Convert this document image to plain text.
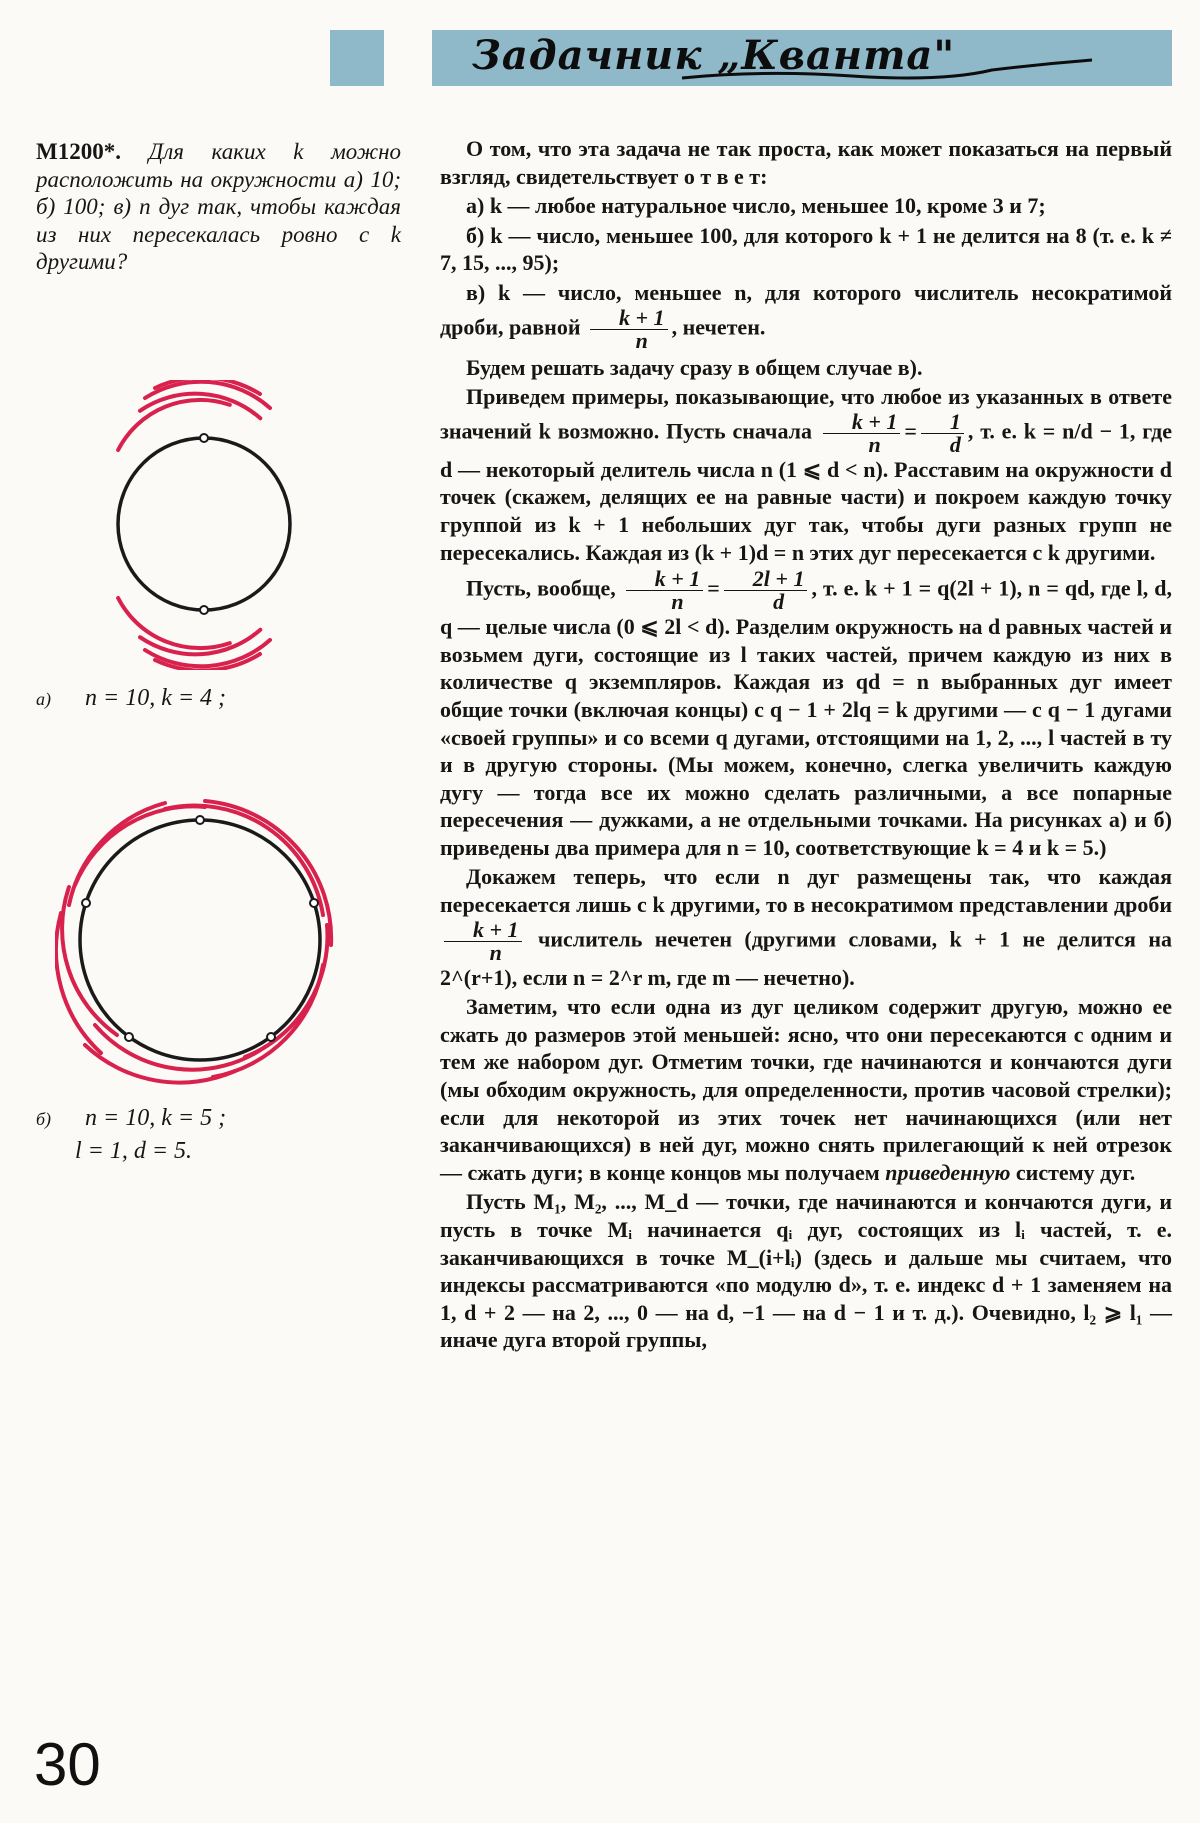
Задачник „Кванта"
M1200*. Для каких k можно расположить на окружности а) 10; б) 100; в) n дуг так, чтобы каждая из них пересекалась ровно с k другими?
а) n = 10, k = 4 ;
б) n = 10, k = 5 ;
l = 1, d = 5.

О том, что эта задача не так проста, как может показаться на первый взгляд, свидетельствует о т в е т:

а) k — любое натуральное число, меньшее 10, кроме 3 и 7;

б) k — число, меньшее 100, для которого k + 1 не делится на 8 (т. е. k ≠ 7, 15, ..., 95);

в) k — число, меньшее n, для которого числитель несократимой дроби, равной $\frac{k + 1}{n}$ , нечетен.

Будем решать задачу сразу в общем случае в).

Приведем примеры, показывающие, что любое из указанных в ответе значений k возможно. Пусть сначала $\frac{k + 1}{n} = \frac{1}{d}$ , т. е. k = n/d − 1, где d — некоторый делитель числа n (1 ⩽ d < n). Расставим на окружности d точек (скажем, делящих ее на равные части) и покроем каждую точку группой из k + 1 небольших дуг так, чтобы дуги разных групп не пересекались. Каждая из (k + 1)d = n этих дуг пересекается с k другими.

Пусть, вообще, $\frac{k + 1}{n} = \frac{2l + 1}{d}$ , т. е. k + 1 = q(2l + 1), n = qd, где l, d, q — целые числа (0 ⩽ 2l < d). Разделим окружность на d равных частей и возьмем дуги, состоящие из l таких частей, причем каждую из них в количестве q экземпляров. Каждая из qd = n выбранных дуг имеет общие точки (включая концы) с q − 1 + 2lq = k другими — с q − 1 дугами «своей группы» и со всеми q дугами, отстоящими на 1, 2, ..., l частей в ту и в другую стороны. (Мы можем, конечно, слегка увеличить каждую дугу — тогда все их можно сделать различными, а все попарные пересечения — дужками, а не отдельными точками. На рисунках а) и б) приведены два примера для n = 10, соответствующие k = 4 и k = 5.)

Докажем теперь, что если n дуг размещены так, что каждая пересекается лишь с k другими, то в несократимом представлении дроби
$\frac{k + 1}{n}$ числитель нечетен (другими словами, k + 1 не делится на 2^(r+1), если n = 2^r m, где m — нечетно).

Заметим, что если одна из дуг целиком содержит другую, можно ее сжать до размеров этой меньшей: ясно, что они пересекаются с одним и тем же набором дуг. Отметим точки, где начинаются и кончаются дуги (мы обходим окружность, для определенности, против часовой стрелки); если для некоторой из этих точек нет начинающихся (или нет заканчивающихся) в ней дуг, можно снять прилегающий к ней отрезок — сжать дуги; в конце концов мы получаем приведенную систему дуг.

Пусть M₁, M₂, ..., M_d — точки, где начинаются и кончаются дуги, и пусть в точке Mᵢ начинается qᵢ дуг, состоящих из lᵢ частей, т. е. заканчивающихся в точке M_(i+lᵢ) (здесь и дальше мы считаем, что индексы рассматриваются «по модулю d», т. е. индекс d + 1 заменяем на 1, d + 2 — на 2, ..., 0 — на d, −1 — на d − 1 и т. д.). Очевидно, l₂ ⩾ l₁ — иначе дуга второй группы,

30
